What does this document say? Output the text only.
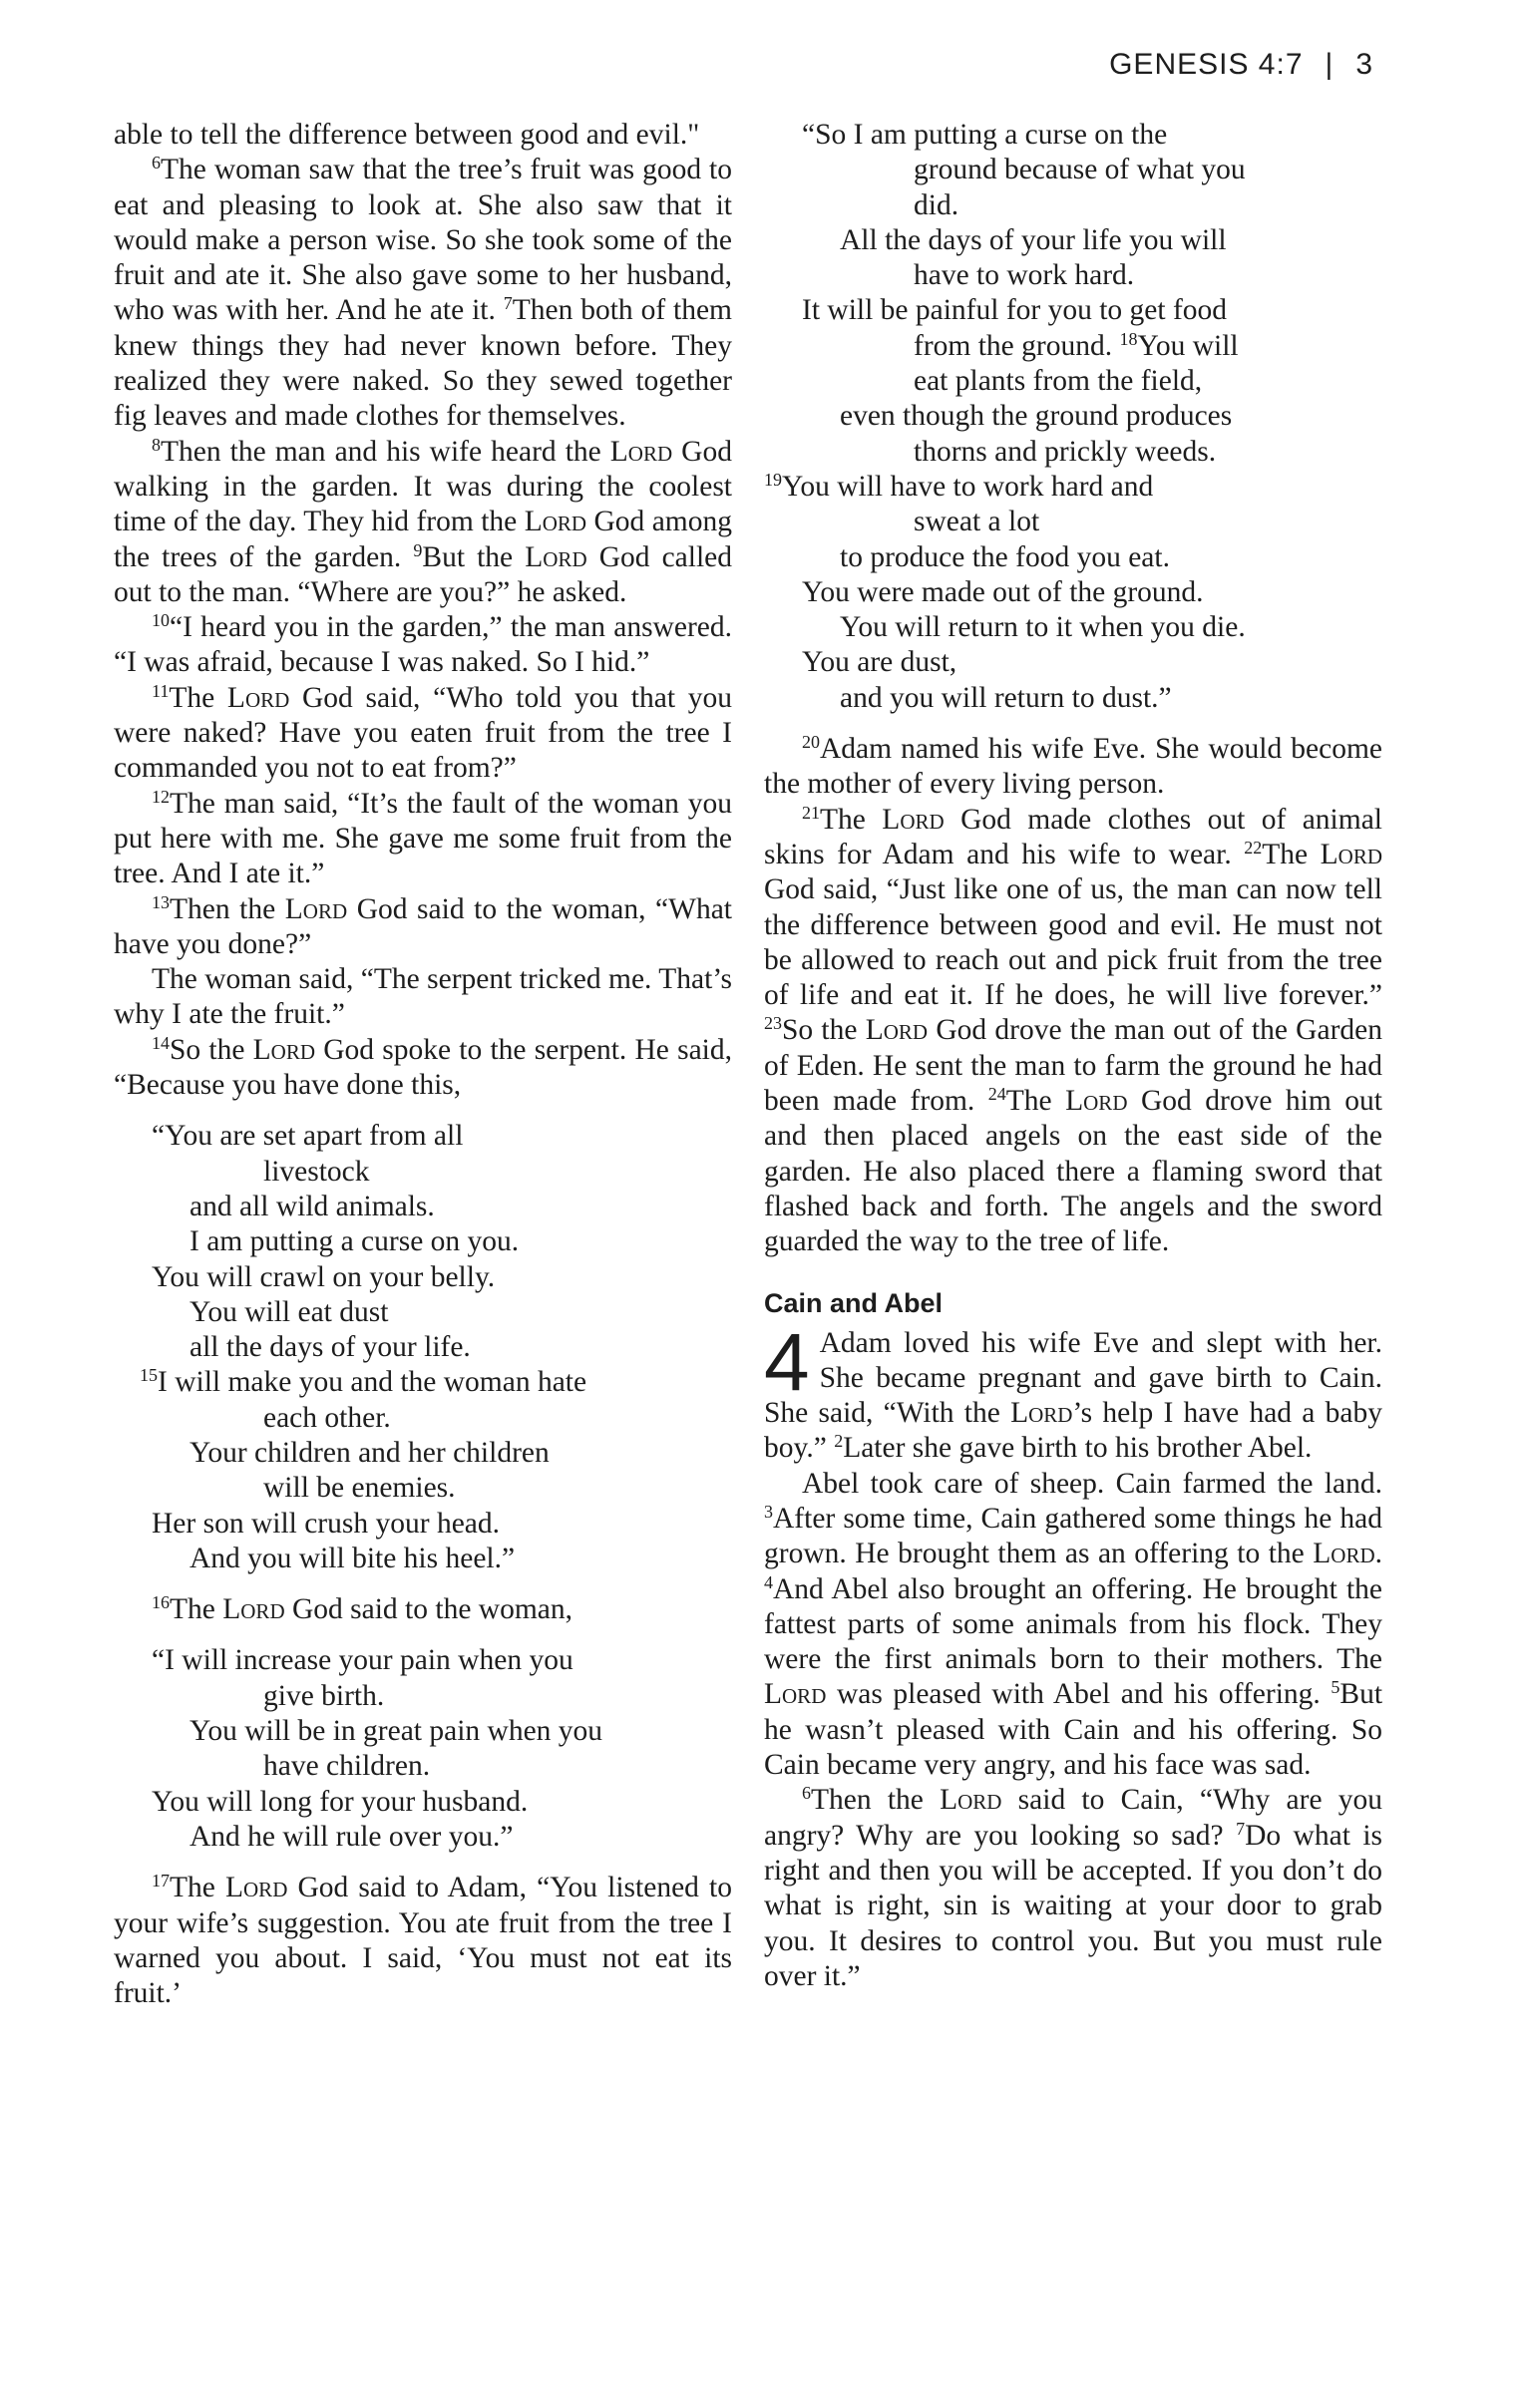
GENESIS 4:7 | 3

able to tell the difference between good and evil."

$^6$The woman saw that the tree’s fruit was good to eat and pleasing to look at. She also saw that it would make a person wise. So she took some of the fruit and ate it. She also gave some to her husband, who was with her. And he ate it. $^7$Then both of them knew things they had never known before. They realized they were naked. So they sewed together fig leaves and made clothes for themselves.

$^8$Then the man and his wife heard the Lord God walking in the garden. It was during the coolest time of the day. They hid from the Lord God among the trees of the garden. $^9$But the Lord God called out to the man. “Where are you?” he asked.

$^{10}$“I heard you in the garden,” the man answered. “I was afraid, because I was naked. So I hid.”

$^{11}$The Lord God said, “Who told you that you were naked? Have you eaten fruit from the tree I commanded you not to eat from?”

$^{12}$The man said, “It’s the fault of the woman you put here with me. She gave me some fruit from the tree. And I ate it.”

$^{13}$Then the Lord God said to the woman, “What have you done?”

The woman said, “The serpent tricked me. That’s why I ate the fruit.”

$^{14}$So the Lord God spoke to the serpent. He said, “Because you have done this,

“You are set apart from all
livestock
and all wild animals.
I am putting a curse on you.
You will crawl on your belly.
You will eat dust
all the days of your life.
$^{15}$I will make you and the woman hate
each other.
Your children and her children
will be enemies.
Her son will crush your head.
And you will bite his heel.”

$^{16}$The Lord God said to the woman,

“I will increase your pain when you
give birth.
You will be in great pain when you
have children.
You will long for your husband.
And he will rule over you.”

$^{17}$The Lord God said to Adam, “You listened to your wife’s suggestion. You ate fruit from the tree I warned you about. I said, ‘You must not eat its fruit.’

“So I am putting a curse on the
ground because of what you
did.
All the days of your life you will
have to work hard.
It will be painful for you to get food
from the ground. $^{18}$You will
eat plants from the field,
even though the ground produces
thorns and prickly weeds.
$^{19}$You will have to work hard and
sweat a lot
to produce the food you eat.
You were made out of the ground.
You will return to it when you die.
You are dust,
and you will return to dust.”

$^{20}$Adam named his wife Eve. She would become the mother of every living person.

$^{21}$The Lord God made clothes out of animal skins for Adam and his wife to wear. $^{22}$The Lord God said, “Just like one of us, the man can now tell the difference between good and evil. He must not be allowed to reach out and pick fruit from the tree of life and eat it. If he does, he will live forever.” $^{23}$So the Lord God drove the man out of the Garden of Eden. He sent the man to farm the ground he had been made from. $^{24}$The Lord God drove him out and then placed angels on the east side of the garden. He also placed there a flaming sword that flashed back and forth. The angels and the sword guarded the way to the tree of life.

Cain and Abel

4 Adam loved his wife Eve and slept with her. She became pregnant and gave birth to Cain. She said, “With the Lord’s help I have had a baby boy.” $^2$Later she gave birth to his brother Abel.

Abel took care of sheep. Cain farmed the land. $^3$After some time, Cain gathered some things he had grown. He brought them as an offering to the Lord. $^4$And Abel also brought an offering. He brought the fattest parts of some animals from his flock. They were the first animals born to their mothers. The Lord was pleased with Abel and his offering. $^5$But he wasn’t pleased with Cain and his offering. So Cain became very angry, and his face was sad.

$^6$Then the Lord said to Cain, “Why are you angry? Why are you looking so sad? $^7$Do what is right and then you will be accepted. If you don’t do what is right, sin is waiting at your door to grab you. It desires to control you. But you must rule over it.”
